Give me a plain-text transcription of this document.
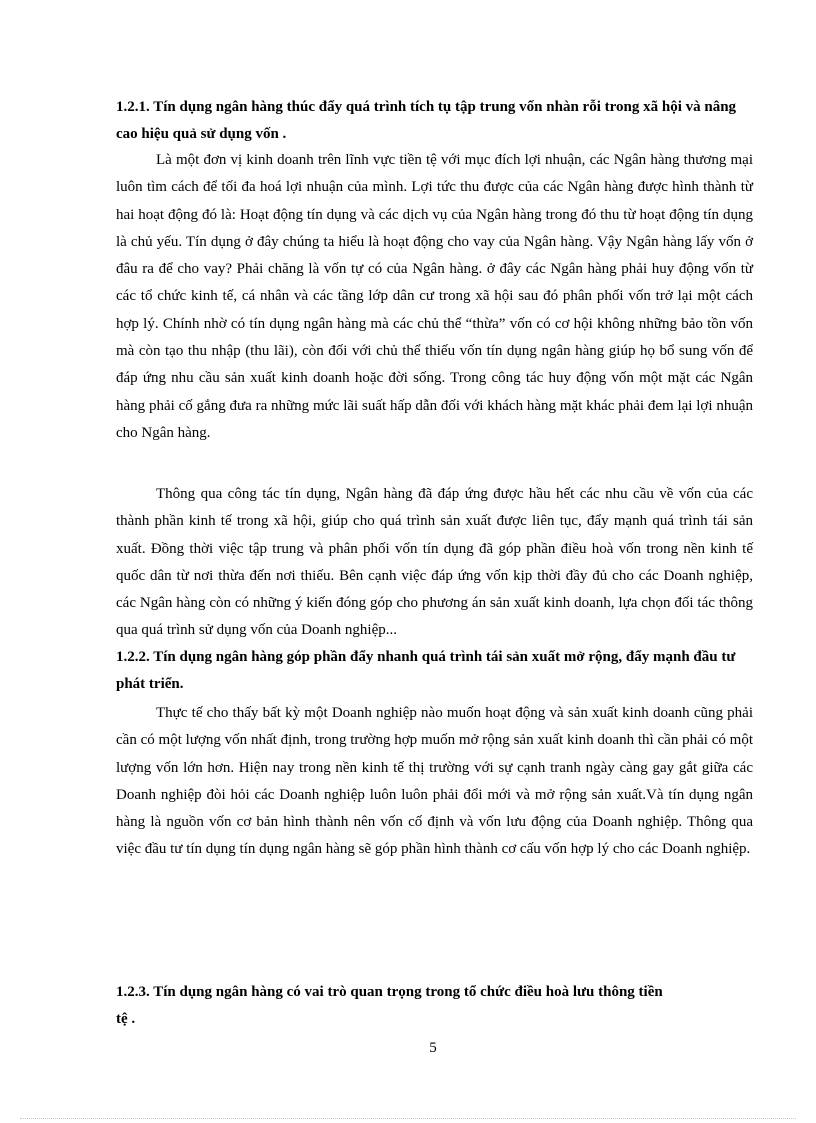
1.2.1. Tín dụng ngân hàng thúc đẩy quá trình tích tụ tập trung vốn nhàn rỗi trong xã hội và nâng cao hiệu quả sử dụng vốn .
Là một đơn vị kinh doanh trên lĩnh vực tiền tệ với mục đích lợi nhuận, các Ngân hàng thương mại luôn tìm cách để tối đa hoá lợi nhuận của mình. Lợi tức thu được của các Ngân hàng được hình thành từ hai hoạt động đó là: Hoạt động tín dụng và các dịch vụ của Ngân hàng trong đó thu từ hoạt động tín dụng là chủ yếu. Tín dụng ở đây chúng ta hiểu là hoạt động cho vay của Ngân hàng. Vậy Ngân hàng lấy vốn ở đâu ra để cho vay? Phải chăng là vốn tự có của Ngân hàng. ở đây các Ngân hàng phải huy động vốn từ các tổ chức kinh tế, cá nhân và các tầng lớp dân cư trong xã hội sau đó phân phối vốn trở lại một cách hợp lý. Chính nhờ có tín dụng ngân hàng mà các chủ thể “thừa” vốn có cơ hội không những bảo tồn vốn mà còn tạo thu nhập (thu lãi), còn đối với chủ thể thiếu vốn tín dụng ngân hàng giúp họ bổ sung vốn để đáp ứng nhu cầu sản xuất kinh doanh hoặc đời sống. Trong công tác huy động vốn một mặt các Ngân hàng phải cố gắng đưa ra những mức lãi suất hấp dẫn đối với khách hàng mặt khác phải đem lại lợi nhuận cho Ngân hàng.
Thông qua công tác tín dụng, Ngân hàng đã đáp ứng được hầu hết các nhu cầu về vốn của các thành phần kinh tế trong xã hội, giúp cho quá trình sản xuất được liên tục, đẩy mạnh quá trình tái sản xuất. Đồng thời việc tập trung và phân phối vốn tín dụng đã góp phần điều hoà vốn trong nền kinh tế quốc dân từ nơi thừa đến nơi thiếu. Bên cạnh việc đáp ứng vốn kịp thời đầy đủ cho các Doanh nghiệp, các Ngân hàng còn có những ý kiến đóng góp cho phương án sản xuất kinh doanh, lựa chọn đối tác thông qua quá trình sử dụng vốn của Doanh nghiệp...
1.2.2. Tín dụng ngân hàng góp phần đẩy nhanh quá trình tái sản xuất mở rộng, đẩy mạnh đầu tư phát triển.
Thực tế cho thấy bất kỳ một Doanh nghiệp nào muốn hoạt động và sản xuất kinh doanh cũng phải cần có một lượng vốn nhất định, trong trường hợp muốn mở rộng sản xuất kinh doanh thì cần phải có một lượng vốn lớn hơn. Hiện nay trong nền kinh tế thị trường với sự cạnh tranh ngày càng gay gắt giữa các Doanh nghiệp đòi hỏi các Doanh nghiệp luôn luôn phải đổi mới và mở rộng sản xuất.Và tín dụng ngân hàng là nguồn vốn cơ bản hình thành nên vốn cố định và vốn lưu động của Doanh nghiệp. Thông qua việc đầu tư tín dụng tín dụng ngân hàng sẽ góp phần hình thành cơ cấu vốn hợp lý cho các Doanh nghiệp.
1.2.3. Tín dụng ngân hàng có vai trò quan trọng trong tổ chức điều hoà lưu thông tiền tệ .
5
